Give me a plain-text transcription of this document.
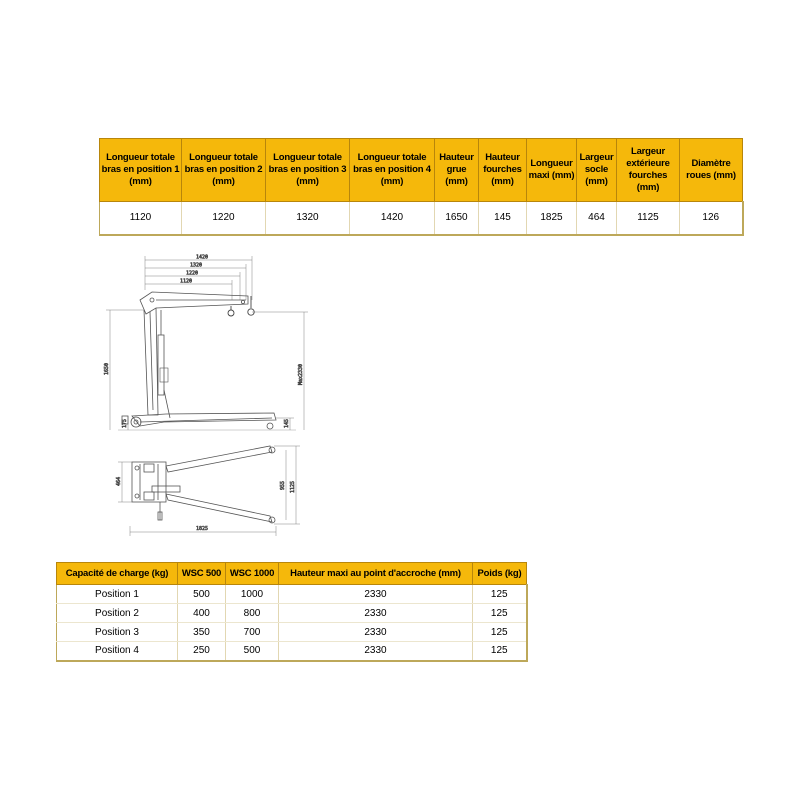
Longueur totale bras en position 1 (mm)	Longueur totale bras en position 2 (mm)	Longueur totale bras en position 3 (mm)	Longueur totale bras en position 4 (mm)	Hauteur grue (mm)	Hauteur fourches (mm)	Longueur maxi (mm)	Largeur socle (mm)	Largeur extérieure fourches (mm)	Diamètre roues (mm)
1120	1220	1320	1420	1650	145	1825	464	1125	126
1420
1320
1220
1120
1650	Max2330
175	145
464	955 1125
1825
Capacité de charge (kg)	WSC 500	WSC 1000	Hauteur maxi au point d'accroche (mm)	Poids (kg)
Position 1	500	1000	2330	125
Position 2	400	800	2330	125
Position 3	350	700	2330	125
Position 4	250	500	2330	125
